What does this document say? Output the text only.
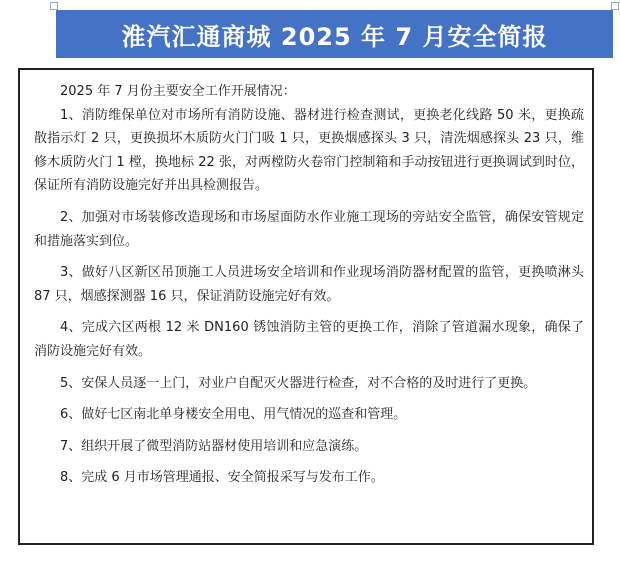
淮汽汇通商城 2025 年 7 月安全简报

2025 年 7 月份主要安全工作开展情况：

1、消防维保单位对市场所有消防设施、器材进行检查测试，更换老化线路 50 米，更换疏散指示灯 2 只，更换损坏木质防火门门吸 1 只，更换烟感探头 3 只，清洗烟感探头 23 只，维修木质防火门 1 樘，换地标 22 张，对两樘防火卷帘门控制箱和手动按钮进行更换调试到时位，保证所有消防设施完好并出具检测报告。

2、加强对市场装修改造现场和市场屋面防水作业施工现场的旁站安全监管，确保安管规定和措施落实到位。

3、做好八区新区吊顶施工人员进场安全培训和作业现场消防器材配置的监管，更换喷淋头 87 只，烟感探测器 16 只，保证消防设施完好有效。

4、完成六区两根 12 米 DN160 锈蚀消防主管的更换工作，消除了管道漏水现象，确保了消防设施完好有效。

5、安保人员逐一上门，对业户自配灭火器进行检查，对不合格的及时进行了更换。

6、做好七区南北单身楼安全用电、用气情况的巡查和管理。

7、组织开展了微型消防站器材使用培训和应急演练。

8、完成 6 月市场管理通报、安全简报采写与发布工作。
